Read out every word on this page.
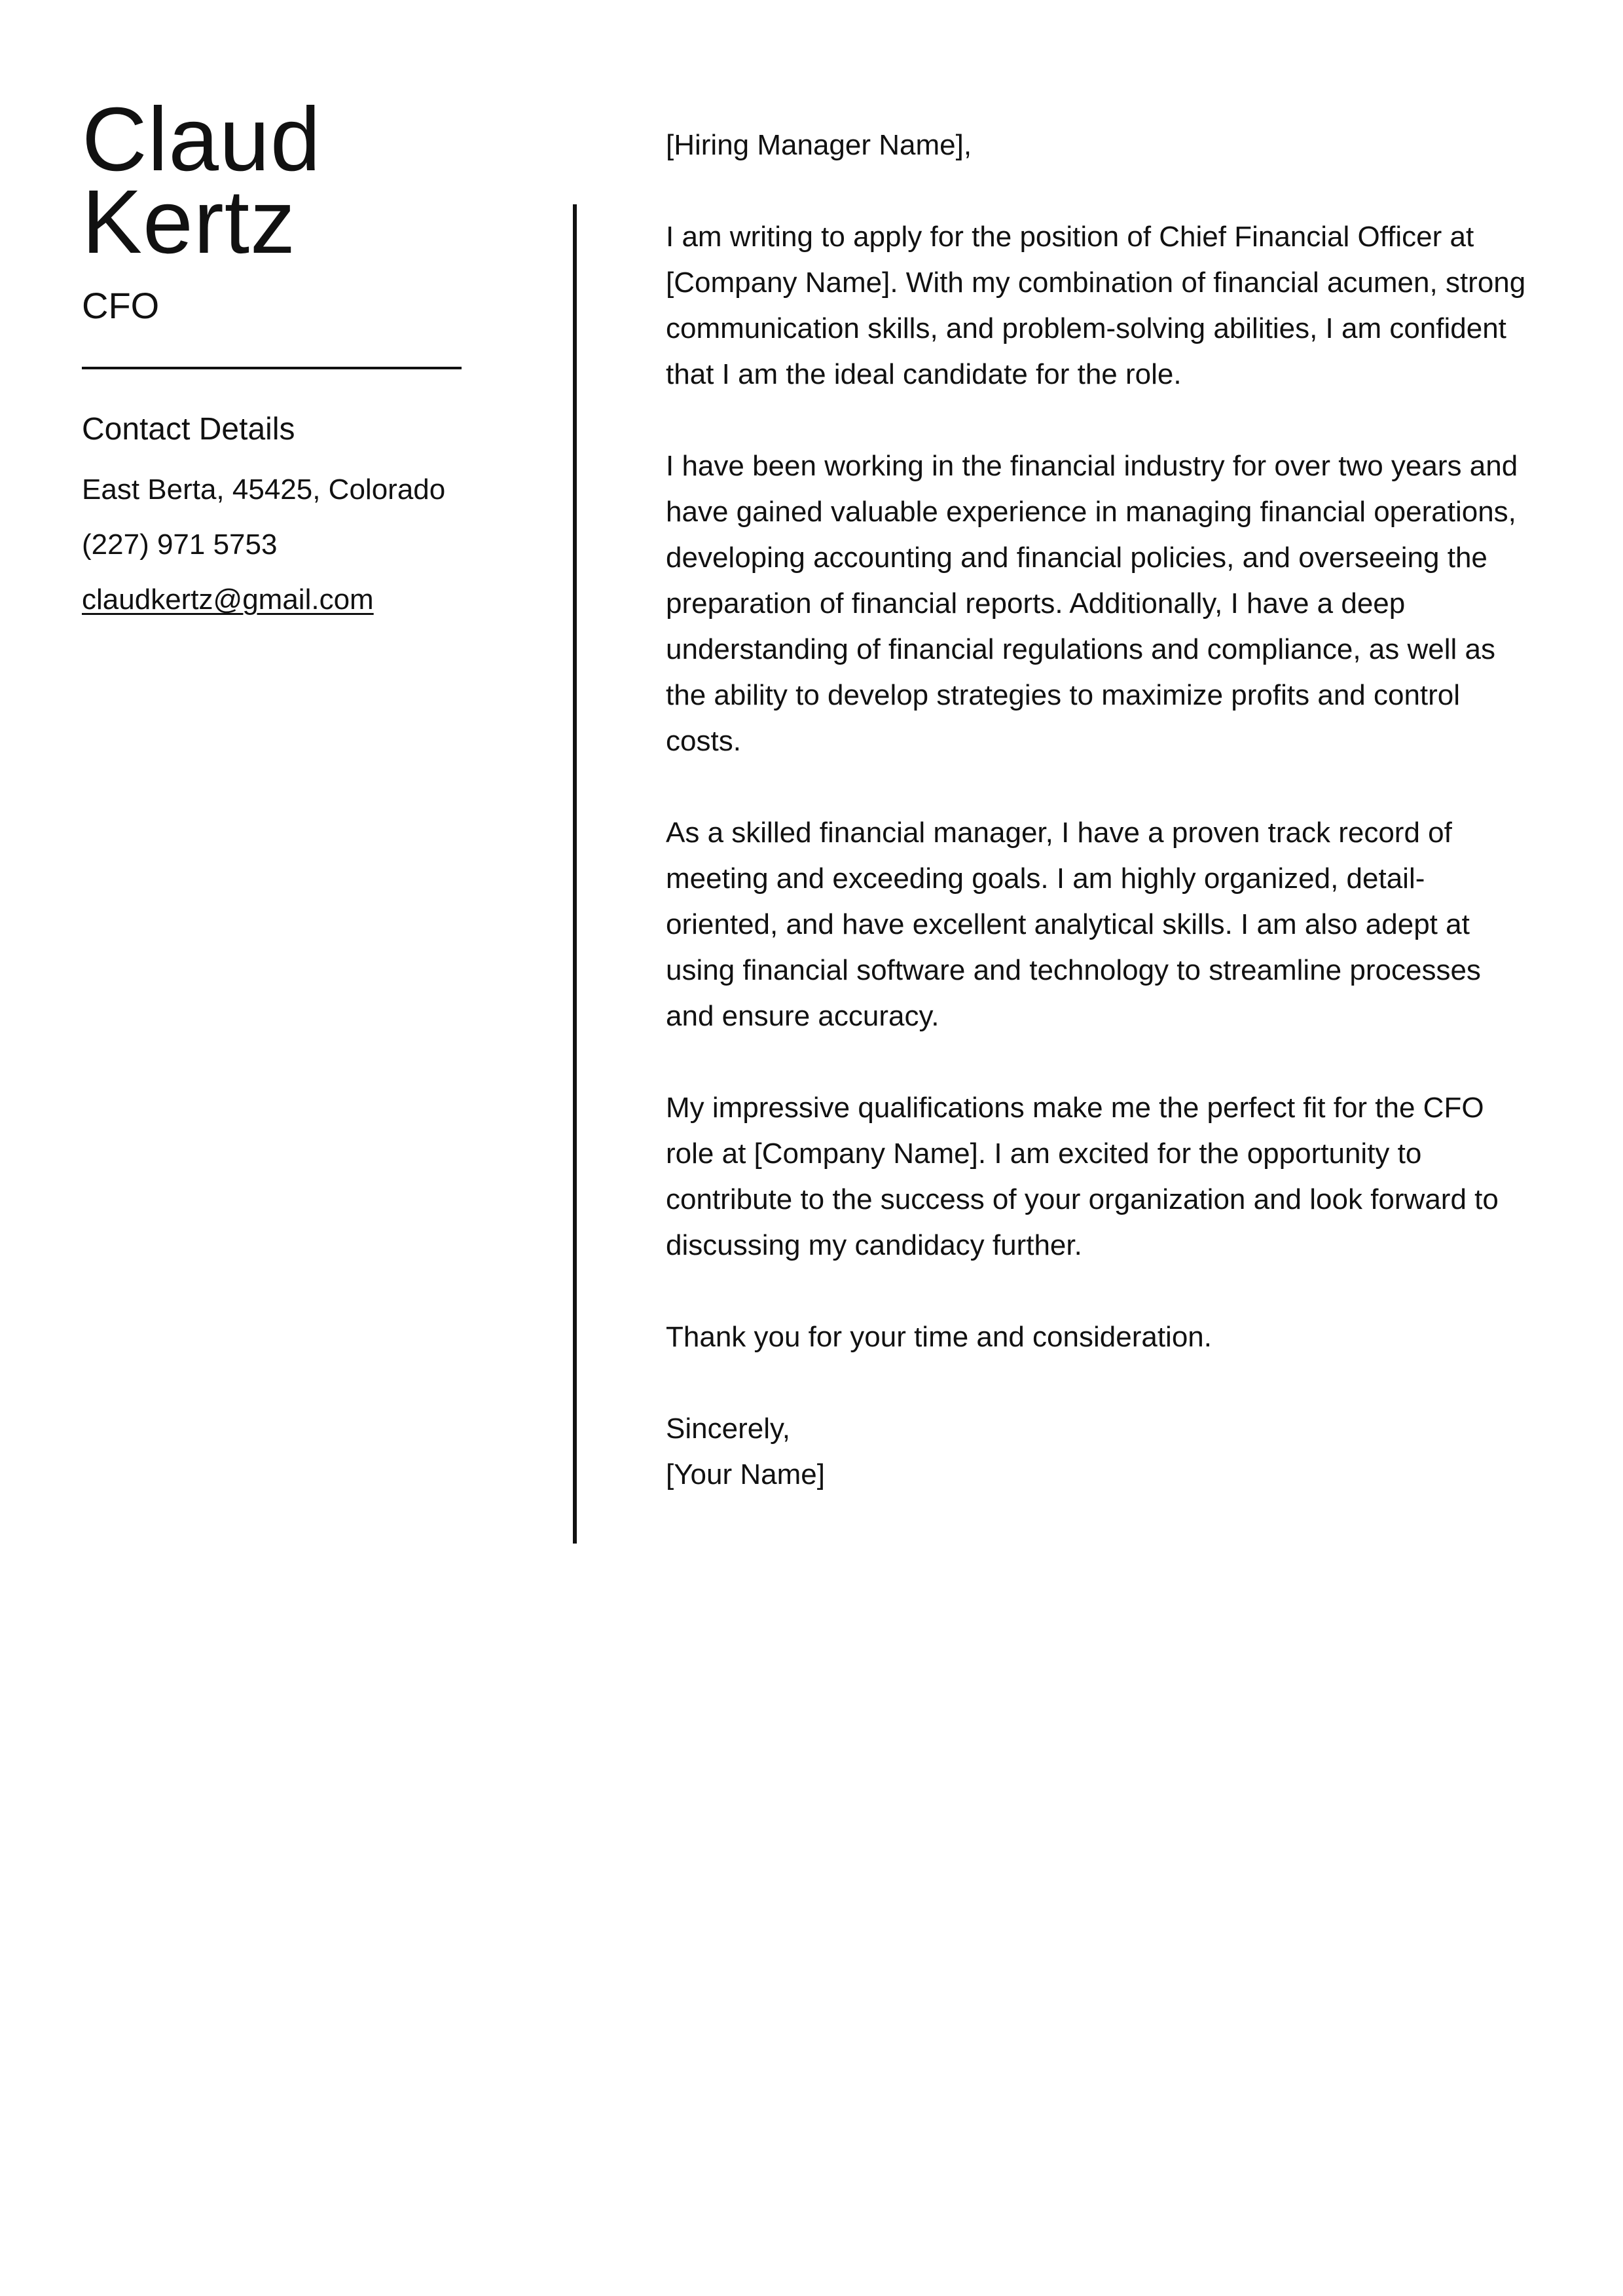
Claud
Kertz
CFO
Contact Details
East Berta, 45425, Colorado
(227) 971 5753
claudkertz@gmail.com

[Hiring Manager Name],

I am writing to apply for the position of Chief Financial Officer at [Company Name]. With my combination of financial acumen, strong communication skills, and problem-solving abilities, I am confident that I am the ideal candidate for the role.

I have been working in the financial industry for over two years and have gained valuable experience in managing financial operations, developing accounting and financial policies, and overseeing the preparation of financial reports. Additionally, I have a deep understanding of financial regulations and compliance, as well as the ability to develop strategies to maximize profits and control costs.

As a skilled financial manager, I have a proven track record of meeting and exceeding goals. I am highly organized, detail-oriented, and have excellent analytical skills. I am also adept at using financial software and technology to streamline processes and ensure accuracy.

My impressive qualifications make me the perfect fit for the CFO role at [Company Name]. I am excited for the opportunity to contribute to the success of your organization and look forward to discussing my candidacy further.

Thank you for your time and consideration.

Sincerely,
[Your Name]
